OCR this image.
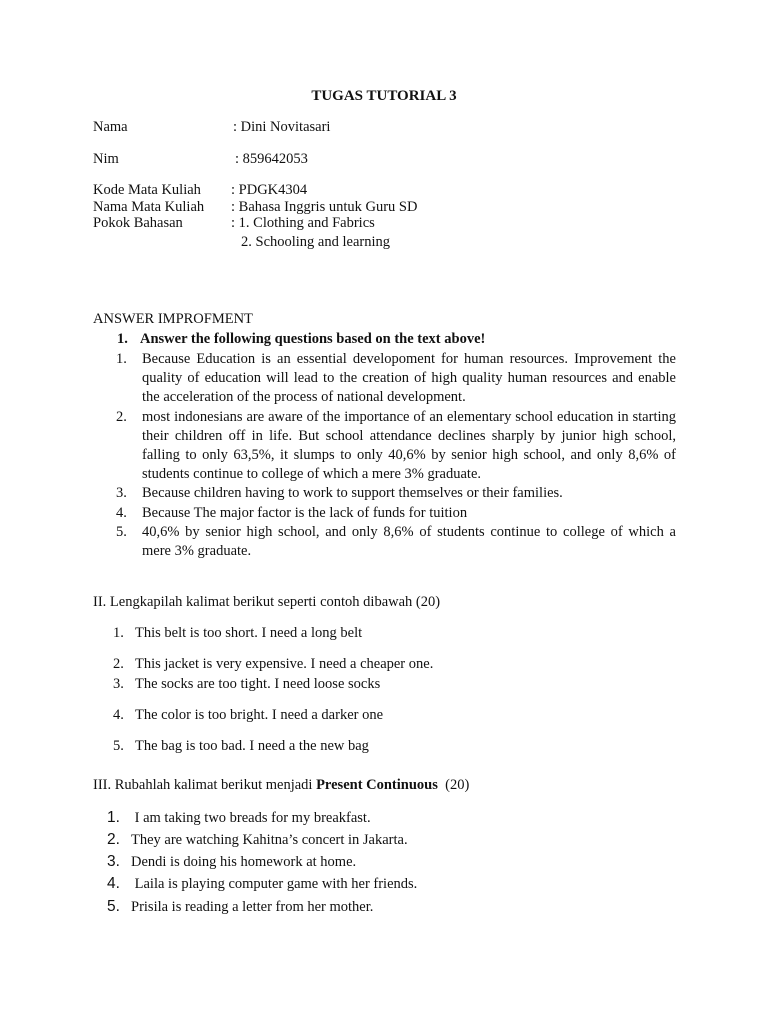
TUGAS TUTORIAL 3
Nama	: Dini Novitasari
Nim	: 859642053
Kode Mata Kuliah : PDGK4304
Nama Mata Kuliah : Bahasa Inggris untuk Guru SD
Pokok Bahasan	: 1. Clothing and Fabrics
2. Schooling and learning
ANSWER IMPROFMENT
1. Answer the following questions based on the text above!
1. Because Education is an essential developoment for human resources. Improvement the quality of education will lead to the creation of high quality human resources and enable the acceleration of the process of national development.
2. most indonesians are aware of the importance of an elementary school education in starting their children off in life. But school attendance declines sharply by junior high school, falling to only 63,5%, it slumps to only 40,6% by senior high school, and only 8,6% of students continue to college of which a mere 3% graduate.
3. Because children having to work to support themselves or their families.
4. Because The major factor is the lack of funds for tuition
5. 40,6% by senior high school, and only 8,6% of students continue to college of which a mere 3% graduate.
II. Lengkapilah kalimat berikut seperti contoh dibawah (20)
1. This belt is too short. I need a long belt
2. This jacket is very expensive. I need a cheaper one.
3. The socks are too tight. I need loose socks
4. The color is too bright. I need a darker one
5. The bag is too bad. I need a the new bag
III. Rubahlah kalimat berikut menjadi Present Continuous  (20)
1. I am taking two breads for my breakfast.
2. They are watching Kahitna’s concert in Jakarta.
3. Dendi is doing his homework at home.
4. Laila is playing computer game with her friends.
5. Prisila is reading a letter from her mother.
